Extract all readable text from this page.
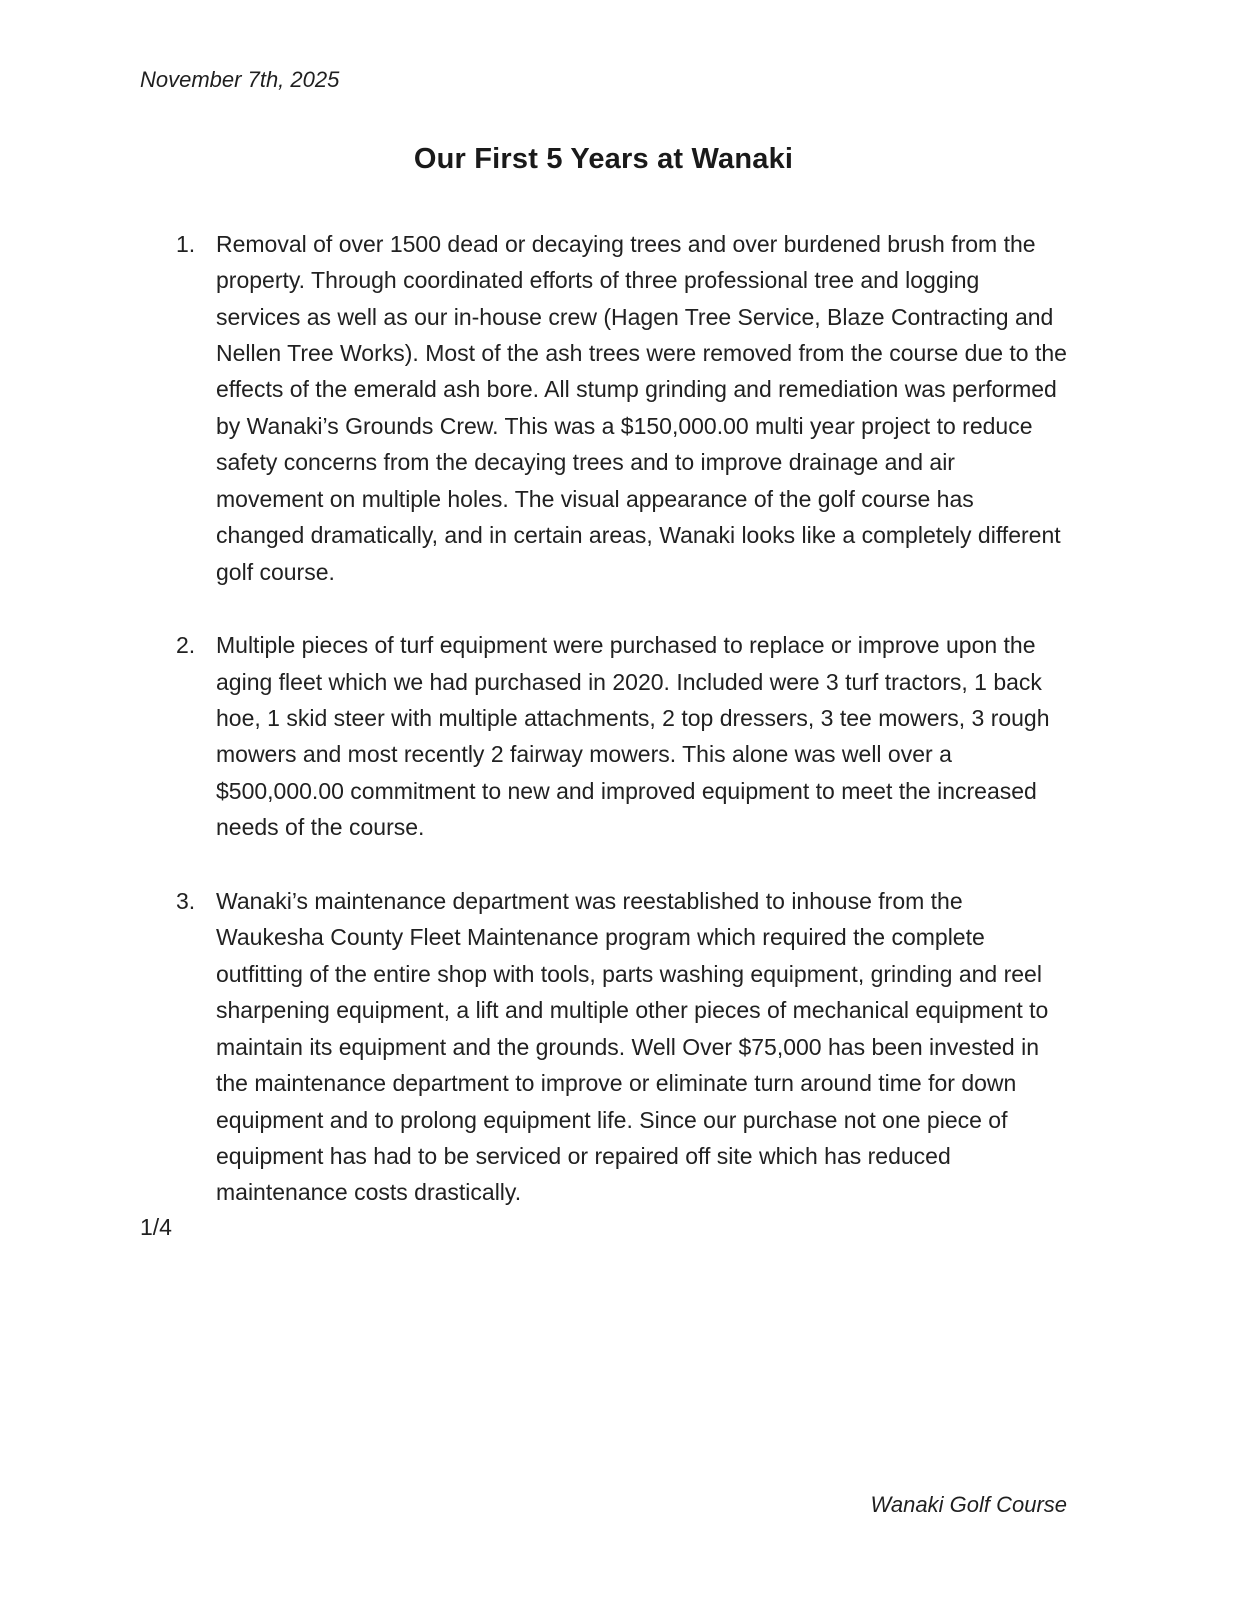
November 7th, 2025
Our First 5 Years at Wanaki
1. Removal of over 1500 dead or decaying trees and over burdened brush from the property. Through coordinated efforts of three professional tree and logging services as well as our in-house crew (Hagen Tree Service, Blaze Contracting and Nellen Tree Works). Most of the ash trees were removed from the course due to the effects of the emerald ash bore. All stump grinding and remediation was performed by Wanaki’s Grounds Crew. This was a $150,000.00 multi year project to reduce safety concerns from the decaying trees and to improve drainage and air movement on multiple holes. The visual appearance of the golf course has changed dramatically, and in certain areas, Wanaki looks like a completely different golf course.
2. Multiple pieces of turf equipment were purchased to replace or improve upon the aging fleet which we had purchased in 2020. Included were 3 turf tractors, 1 back hoe, 1 skid steer with multiple attachments, 2 top dressers, 3 tee mowers, 3 rough mowers and most recently 2 fairway mowers. This alone was well over a $500,000.00 commitment to new and improved equipment to meet the increased needs of the course.
3. Wanaki’s maintenance department was reestablished to inhouse from the Waukesha County Fleet Maintenance program which required the complete outfitting of the entire shop with tools, parts washing equipment, grinding and reel sharpening equipment, a lift and multiple other pieces of mechanical equipment to maintain its equipment and the grounds. Well Over $75,000 has been invested in the maintenance department to improve or eliminate turn around time for down equipment and to prolong equipment life. Since our purchase not one piece of equipment has had to be serviced or repaired off site which has reduced maintenance costs drastically.
1/4
Wanaki Golf Course
